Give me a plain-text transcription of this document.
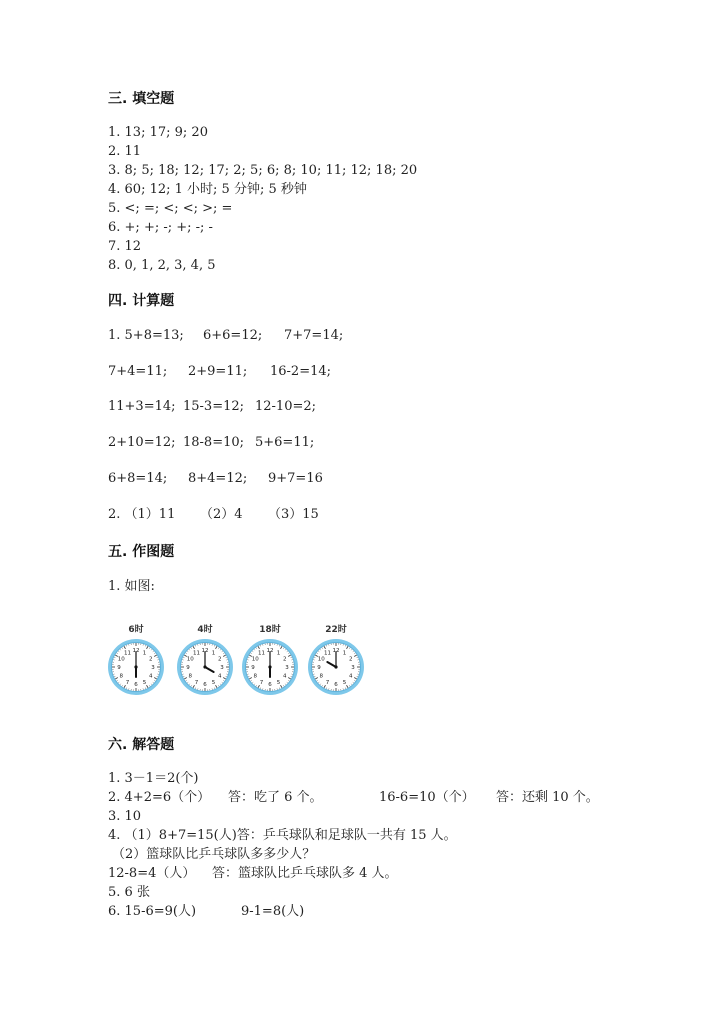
三. 填空题
1. 13; 17; 9; 20
2. 11
3. 8; 5; 18; 12; 17; 2; 5; 6; 8; 10; 11; 12; 18; 20
4. 60; 12; 1 小时; 5 分钟; 5 秒钟
5. <; =; <; <; >; =
6. +; +; -; +; -; -
7. 12
8. 0, 1, 2, 3, 4, 5
四. 计算题
1. 5+8=13; 6+6=12; 7+7=14;
7+4=11; 2+9=11; 16-2=14;
11+3=14; 15-3=12; 12-10=2;
2+10=12; 18-8=10; 5+6=11;
6+8=14; 8+4=12; 9+7=16
2. （1）11 （2）4 （3）15
五. 作图题
1. 如图:
6时
1
2
3
4
5
6
7
8
9
10
11 12
4时
1
2
3
4
5
6
7
8
9
10
11 12
18时
1
2
3
4
5
6
7
8
9
10
11 12
22时
1
2
3
4
5
6
7
8
9
10
11 12
六. 解答题
1. 3－1＝2(个)
2. 4+2=6（个） 答：吃了 6 个。	16-6=10（个） 答：还剩 10 个。
3. 10
4. （1）8+7=15(人)答：乒乓球队和足球队一共有 15 人。
（2）篮球队比乒乓球队多多少人？
12-8=4（人） 答：篮球队比乒乓球队多 4 人。
5. 6 张
6. 15-6=9(人)	9-1=8(人)
